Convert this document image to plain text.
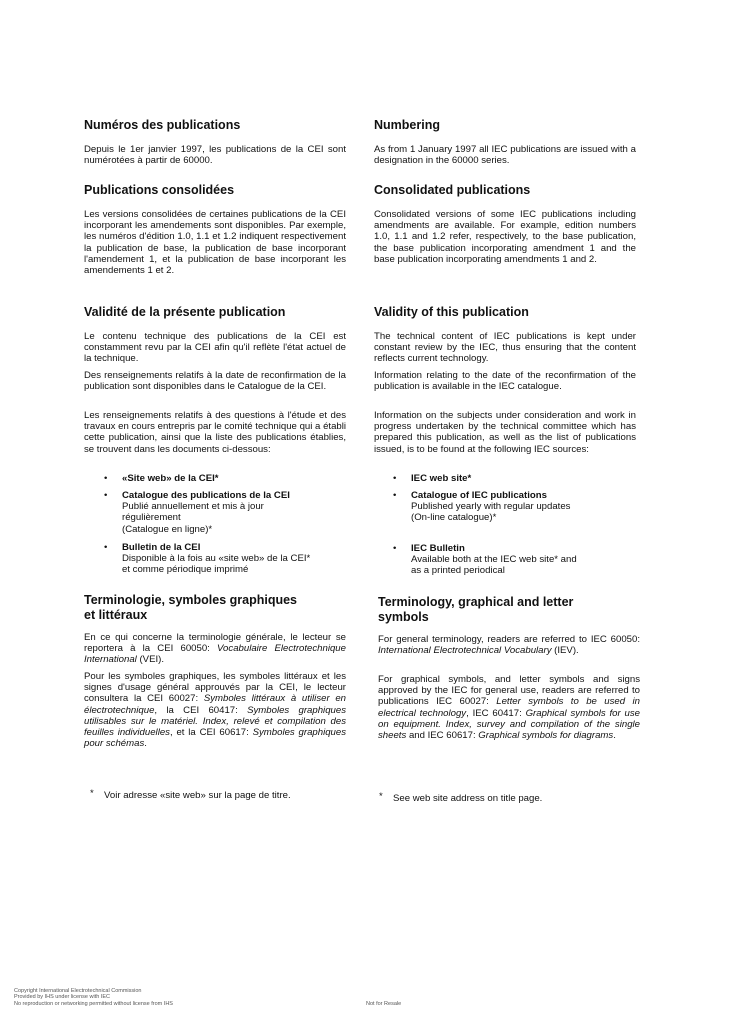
Numéros des publications

Depuis le 1er janvier 1997, les publications de la CEI sont numérotées à partir de 60000.

Publications consolidées

Les versions consolidées de certaines publications de la CEI incorporant les amendements sont disponibles. Par exemple, les numéros d'édition 1.0, 1.1 et 1.2 indiquent respectivement la publication de base, la publication de base incorporant l'amendement 1, et la publication de base incorporant les amendements 1 et 2.

Validité de la présente publication

Le contenu technique des publications de la CEI est constamment revu par la CEI afin qu'il reflète l'état actuel de la technique.

Des renseignements relatifs à la date de reconfirmation de la publication sont disponibles dans le Catalogue de la CEI.

Les renseignements relatifs à des questions à l'étude et des travaux en cours entrepris par le comité technique qui a établi cette publication, ainsi que la liste des publications établies, se trouvent dans les documents ci-dessous:

• «Site web» de la CEI*
• Catalogue des publications de la CEI
Publié annuellement et mis à jour
régulièrement
(Catalogue en ligne)*
• Bulletin de la CEI
Disponible à la fois au «site web» de la CEI*
et comme périodique imprimé
Terminologie, symboles graphiques
et littéraux

En ce qui concerne la terminologie générale, le lecteur se reportera à la CEI 60050: Vocabulaire Electrotechnique International (VEI).

Pour les symboles graphiques, les symboles littéraux et les signes d'usage général approuvés par la CEI, le lecteur consultera la CEI 60027: Symboles littéraux à utiliser en électrotechnique, la CEI 60417: Symboles graphiques utilisables sur le matériel. Index, relevé et compilation des feuilles individuelles, et la CEI 60617: Symboles graphiques pour schémas.

* Voir adresse «site web» sur la page de titre.
Numbering

As from 1 January 1997 all IEC publications are issued with a designation in the 60000 series.

Consolidated publications

Consolidated versions of some IEC publications including amendments are available. For example, edition numbers 1.0, 1.1 and 1.2 refer, respectively, to the base publication, the base publication incorporating amendment 1 and the base publication incorporating amendments 1 and 2.

Validity of this publication

The technical content of IEC publications is kept under constant review by the IEC, thus ensuring that the content reflects current technology.

Information relating to the date of the reconfirmation of the publication is available in the IEC catalogue.

Information on the subjects under consideration and work in progress undertaken by the technical committee which has prepared this publication, as well as the list of publications issued, is to be found at the following IEC sources:

• IEC web site*
• Catalogue of IEC publications
Published yearly with regular updates
(On-line catalogue)*
• IEC Bulletin
Available both at the IEC web site* and
as a printed periodical
Terminology, graphical and letter
symbols

For general terminology, readers are referred to IEC 60050: International Electrotechnical Vocabulary (IEV).

For graphical symbols, and letter symbols and signs approved by the IEC for general use, readers are referred to publications IEC 60027: Letter symbols to be used in electrical technology, IEC 60417: Graphical symbols for use on equipment. Index, survey and compilation of the single sheets and IEC 60617: Graphical symbols for diagrams.

* See web site address on title page.
Copyright International Electrotechnical Commission
Provided by IHS under license with IEC
No reproduction or networking permitted without license from IHS	Not for Resale
